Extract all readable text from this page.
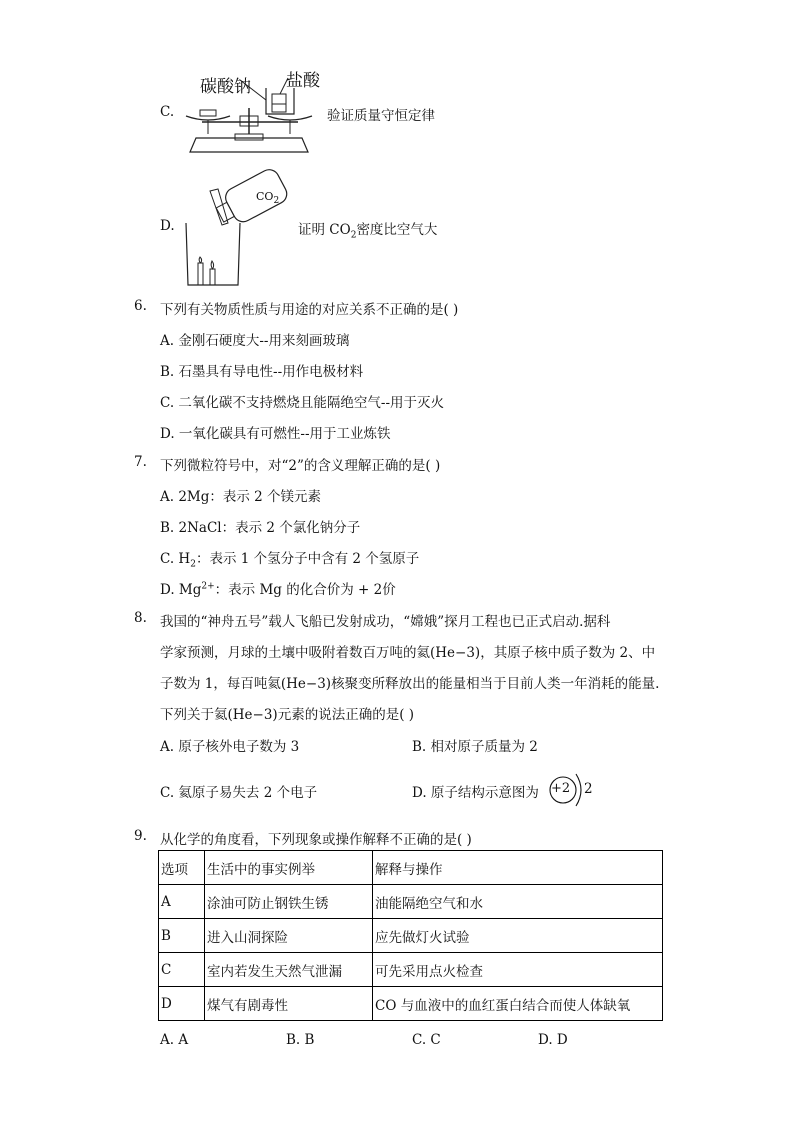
C.
碳酸钠 盐酸
验证质量守恒定律
D.
$CO_2$
证明 $CO_2$密度比空气大
6. 下列有关物质性质与用途的对应关系不正确的是( )
A. 金刚石硬度大--用来刻画玻璃
B. 石墨具有导电性--用作电极材料
C. 二氧化碳不支持燃烧且能隔绝空气--用于灭火
D. 一氧化碳具有可燃性--用于工业炼铁
7. 下列微粒符号中，对“2”的含义理解正确的是( )
A. 2Mg：表示 2 个镁元素
B. 2NaCl：表示 2 个氯化钠分子
C. $H_2$：表示 1 个氢分子中含有 2 个氢原子
D. $Mg^{2+}$：表示 Mg 的化合价为 + 2价
8. 我国的“神舟五号”载人飞船已发射成功，“嫦娥”探月工程也已正式启动.据科
学家预测，月球的土壤中吸附着数百万吨的氦(He−3)，其原子核中质子数为 2、中
子数为 1，每百吨氦(He−3)核聚变所释放出的能量相当于目前人类一年消耗的能量.
下列关于氦(He−3)元素的说法正确的是( )
A. 原子核外电子数为 3	B. 相对原子质量为 2
C. 氦原子易失去 2 个电子	D. 原子结构示意图为 +2 2
9. 从化学的角度看，下列现象或操作解释不正确的是( )
选项	生活中的事实例举	解释与操作
A	涂油可防止钢铁生锈	油能隔绝空气和水
B	进入山洞探险	应先做灯火试验
C	室内若发生天然气泄漏	可先采用点火检查
D	煤气有剧毒性	CO 与血液中的血红蛋白结合而使人体缺氧
A. A	B. B	C. C	D. D
